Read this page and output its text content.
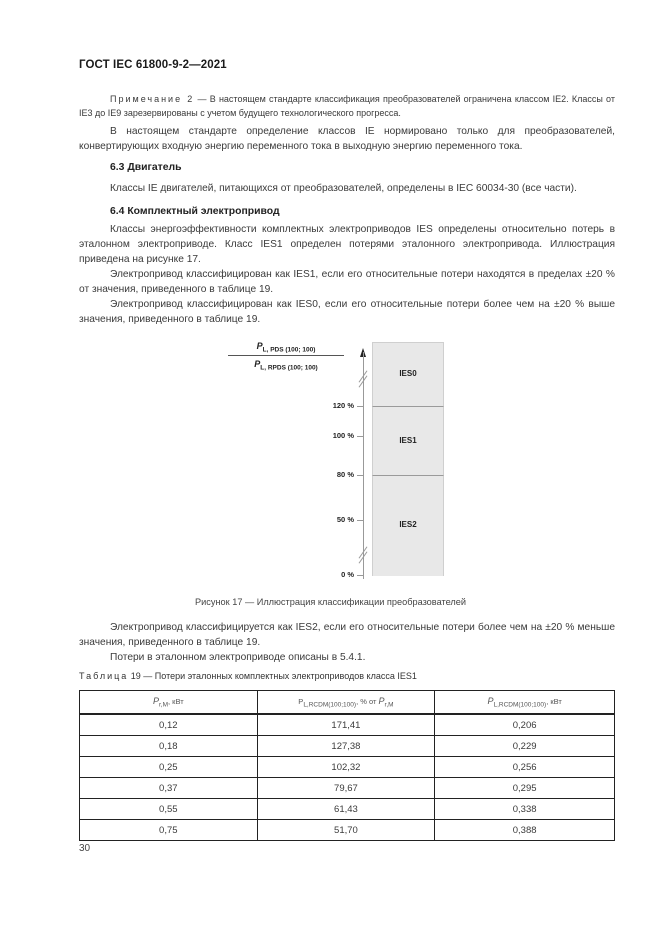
ГОСТ IEC 61800-9-2—2021

Примечание 2 — В настоящем стандарте классификация преобразователей ограничена классом IE2. Классы от IE3 до IE9 зарезервированы с учетом будущего технологического прогресса.

В настоящем стандарте определение классов IE нормировано только для преобразователей, конвертирующих входную энергию переменного тока в выходную энергию переменного тока.

6.3 Двигатель

Классы IE двигателей, питающихся от преобразователей, определены в IEC 60034-30 (все части).

6.4 Комплектный электропривод

Классы энергоэффективности комплектных электроприводов IES определены относительно потерь в эталонном электроприводе. Класс IES1 определен потерями эталонного электропривода. Иллюстрация приведена на рисунке 17.

Электропривод классифицирован как IES1, если его относительные потери находятся в пределах ±20 % от значения, приведенного в таблице 19.

Электропривод классифицирован как IES0, если его относительные потери более чем на ±20 % выше значения, приведенного в таблице 19.

$P_{L, PDS (100; 100)}$
$P_{L, RPDS (100; 100)}$
120 %
100 %
80 %
50 %
0 %
IES0
IES1
IES2
Рисунок 17 — Иллюстрация классификации преобразователей

Электропривод классифицируется как IES2, если его относительные потери более чем на ±20 % меньше значения, приведенного в таблице 19.

Потери в эталонном электроприводе описаны в 5.4.1.

Таблица 19 — Потери эталонных комплектных электроприводов класса IES1
$P_{r,M}$, кВт	$P_{L,RCDM(100;100)}$, % от $P_{r,M}$	$P_{L,RCDM(100;100)}$, кВт
0,12	171,41	0,206
0,18	127,38	0,229
0,25	102,32	0,256
0,37	79,67	0,295
0,55	61,43	0,338
0,75	51,70	0,388
30
